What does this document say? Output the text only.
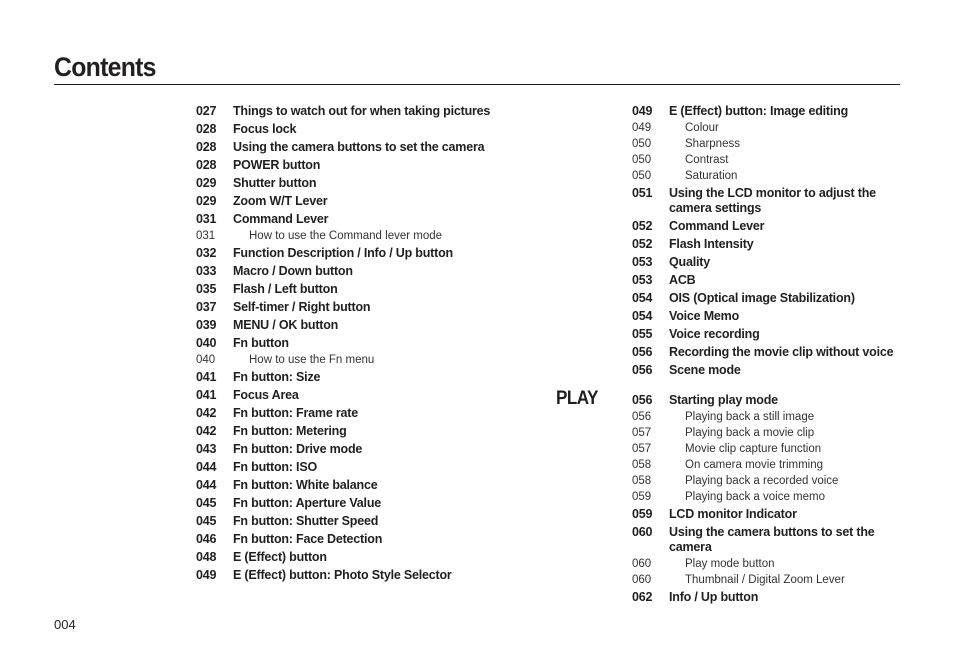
Contents
027	Things to watch out for when taking pictures
028	Focus lock
028	Using the camera buttons to set the camera
028	POWER button
029	Shutter button
029	Zoom W/T Lever
031	Command Lever
031	How to use the Command lever mode
032	Function Description / Info / Up button
033	Macro / Down button
035	Flash / Left button
037	Self-timer / Right button
039	MENU / OK button
040	Fn button
040	How to use the Fn menu
041	Fn button: Size
041	Focus Area
042	Fn button: Frame rate
042	Fn button: Metering
043	Fn button: Drive mode
044	Fn button: ISO
044	Fn button: White balance
045	Fn button: Aperture Value
045	Fn button: Shutter Speed
046	Fn button: Face Detection
048	E (Effect) button
049	E (Effect) button: Photo Style Selector
049	E (Effect) button: Image editing
049	Colour
050	Sharpness
050	Contrast
050	Saturation
051	Using the LCD monitor to adjust the camera settings
052	Command Lever
052	Flash Intensity
053	Quality
053	ACB
054	OIS (Optical image Stabilization)
054	Voice Memo
055	Voice recording
056	Recording the movie clip without voice
056	Scene mode
056	Starting play mode
056	Playing back a still image
057	Playing back a movie clip
057	Movie clip capture function
058	On camera movie trimming
058	Playing back a recorded voice
059	Playing back a voice memo
059	LCD monitor Indicator
060	Using the camera buttons to set the camera
060	Play mode button
060	Thumbnail / Digital Zoom Lever
062	Info / Up button
PLAY
004
